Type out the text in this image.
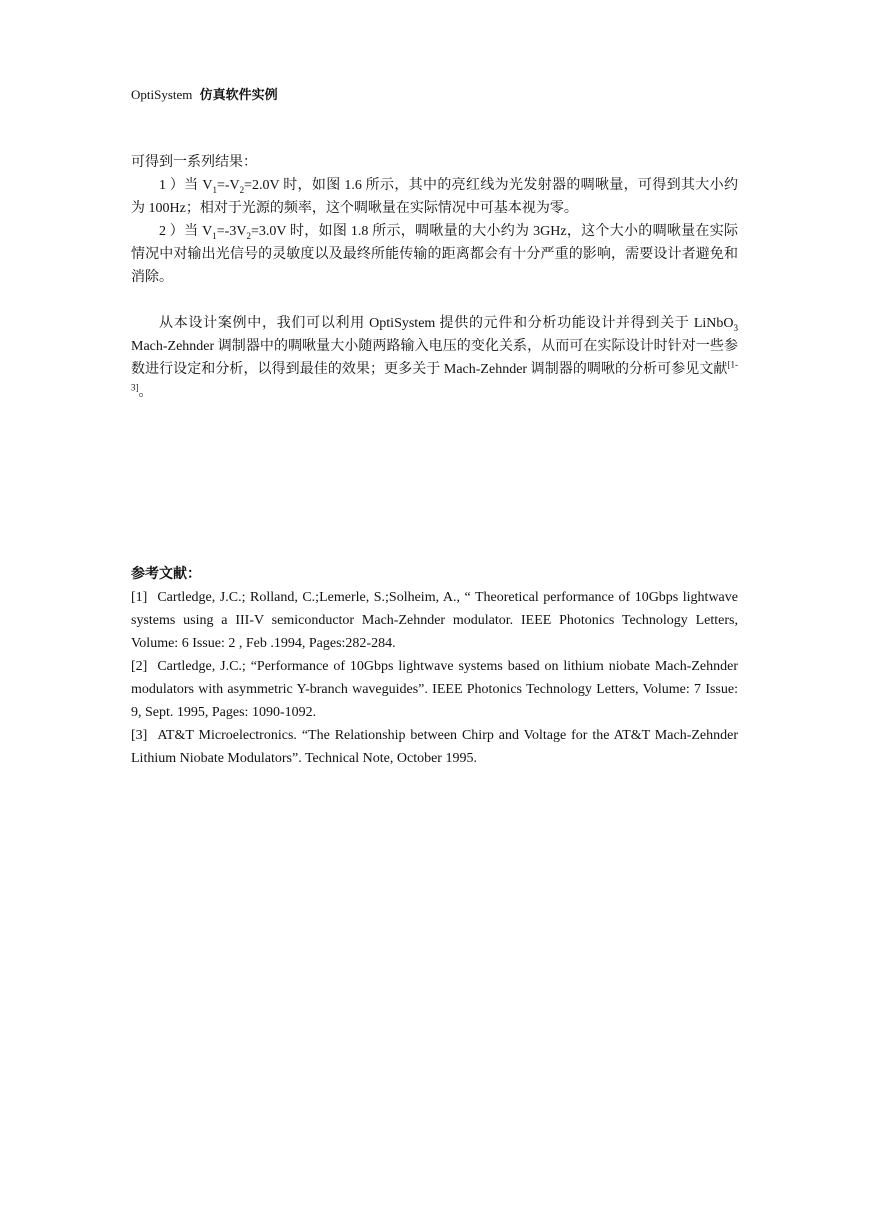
OptiSystem 仿真软件实例

可得到一系列结果：

1 ）当 $V_1=-V_2=2.0V$ 时，如图 1.6 所示，其中的亮红线为光发射器的啁啾量，可得到其大小约为 100Hz；相对于光源的频率，这个啁啾量在实际情况中可基本视为零。

2 ）当 $V_1=-3V_2=3.0V$ 时，如图 1.8 所示，啁啾量的大小约为 3GHz，这个大小的啁啾量在实际情况中对输出光信号的灵敏度以及最终所能传输的距离都会有十分严重的影响，需要设计者避免和消除。

从本设计案例中，我们可以利用 OptiSystem 提供的元件和分析功能设计并得到关于 LiNbO$_3$ Mach-Zehnder 调制器中的啁啾量大小随两路输入电压的变化关系，从而可在实际设计时针对一些参数进行设定和分析，以得到最佳的效果；更多关于 Mach-Zehnder 调制器的啁啾的分析可参见文献[1-3]。

参考文献：

[1] Cartledge, J.C.; Rolland, C.;Lemerle, S.;Solheim, A., “ Theoretical performance of 10Gbps lightwave systems using a III-V semiconductor Mach-Zehnder modulator. IEEE Photonics Technology Letters, Volume: 6 Issue: 2 , Feb .1994, Pages:282-284.

[2] Cartledge, J.C.; “Performance of 10Gbps lightwave systems based on lithium niobate Mach-Zehnder modulators with asymmetric Y-branch waveguides”. IEEE Photonics Technology Letters, Volume: 7 Issue: 9, Sept. 1995, Pages: 1090-1092.

[3] AT&T Microelectronics. “The Relationship between Chirp and Voltage for the AT&T Mach-Zehnder Lithium Niobate Modulators”. Technical Note, October 1995.
